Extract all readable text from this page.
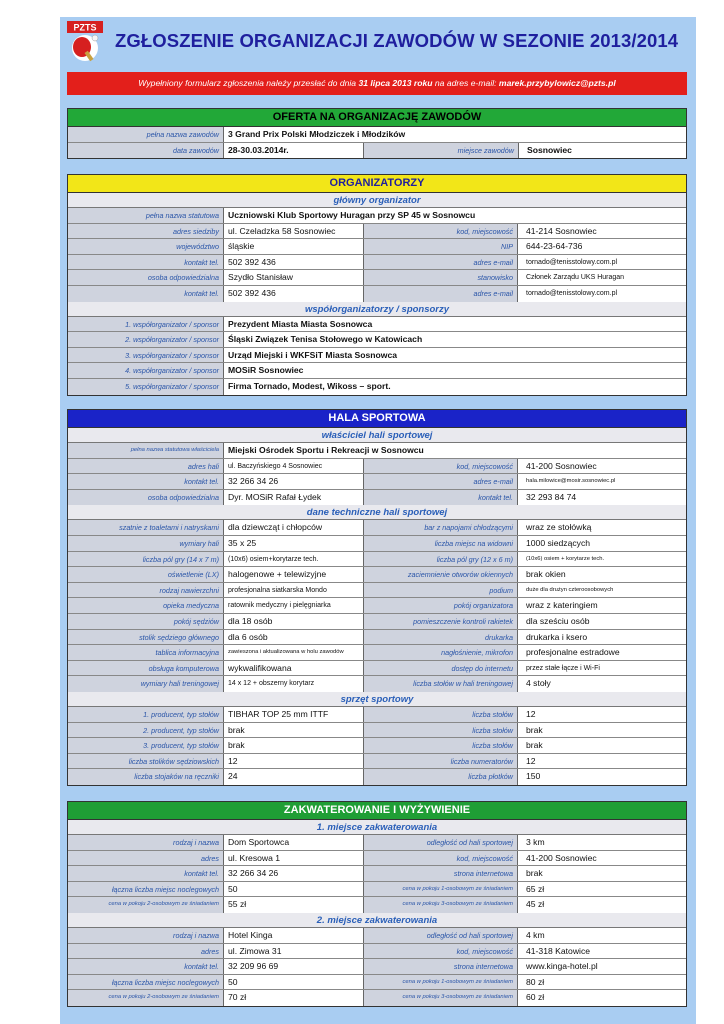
PZTS
ZGŁOSZENIE ORGANIZACJI ZAWODÓW W SEZONIE 2013/2014
Wypełniony formularz zgłoszenia należy przesłać do dnia 31 lipca 2013 roku na adres e-mail: marek.przybylowicz@pzts.pl
OFERTA NA ORGANIZACJĘ ZAWODÓW
pełna nazwa zawodów	3 Grand Prix Polski Młodziczek i Młodzików
data zawodów	28-30.03.2014r.	miejsce zawodów	Sosnowiec
ORGANIZATORZY
główny organizator
pełna nazwa statutowa	Uczniowski Klub Sportowy Huragan przy SP 45 w Sosnowcu
adres siedziby	ul. Czeladzka 58 Sosnowiec	kod, miejscowość	41-214 Sosnowiec
województwo	śląskie	NIP	644-23-64-736
kontakt tel.	502 392 436	adres e-mail	tornado@tenisstolowy.com.pl
osoba odpowiedzialna	Szydło Stanisław	stanowisko	Członek Zarządu UKS Huragan
kontakt tel.	502 392 436	adres e-mail	tornado@tenisstolowy.com.pl
współorganizatorzy / sponsorzy
1. współorganizator / sponsor	Prezydent Miasta Miasta Sosnowca
2. współorganizator / sponsor	Śląski Związek Tenisa Stołowego w Katowicach
3. współorganizator / sponsor	Urząd Miejski i WKFSiT Miasta Sosnowca
4. współorganizator / sponsor	MOSiR Sosnowiec
5. współorganizator / sponsor	Firma Tornado, Modest, Wikoss – sport.
HALA SPORTOWA
właściciel hali sportowej
pełna nazwa statutowa właściciela	Miejski Ośrodek Sportu i Rekreacji w Sosnowcu
adres hali	ul. Baczyńskiego 4 Sosnowiec	kod, miejscowość	41-200 Sosnowiec
kontakt tel.	32 266 34 26	adres e-mail	hala.milowice@mosir.sosnowiec.pl
osoba odpowiedzialna	Dyr. MOSiR Rafał Łydek	kontakt tel.	32 293 84 74
dane techniczne hali sportowej
szatnie z toaletami i natryskami	dla dziewcząt i chłopców	bar z napojami chłodzącymi	wraz ze stołówką
wymiary hali	35 x 25	liczba miejsc na widowni	1000 siedzących
liczba pól gry (14 x 7 m)	(10x6) osiem+korytarze tech.	liczba pól gry (12 x 6 m)	(10x6) osiem + korytarze tech.
oświetlenie (LX)	halogenowe + telewizyjne	zaciemnienie otworów okiennych	brak okien
rodzaj nawierzchni	profesjonalna siatkarska Mondo	podium	duże dla drużyn czteroosobowych
opieka medyczna	ratownik medyczny i pielęgniarka	pokój organizatora	wraz z kateringiem
pokój sędziów	dla 18 osób	pomieszczenie kontroli rakietek	dla sześciu osób
stolik sędziego głównego	dla 6 osób	drukarka	drukarka i ksero
tablica informacyjna	zawieszona i aktualizowana w holu zawodów	nagłośnienie, mikrofon	profesjonalne estradowe
obsługa komputerowa	wykwalifikowana	dostęp do internetu	przez stałe łącze i Wi-Fi
wymiary hali treningowej	14 x 12 + obszerny korytarz	liczba stołów w hali treningowej	4 stoły
sprzęt sportowy
1. producent, typ stołów	TIBHAR TOP 25 mm ITTF	liczba stołów	12
2. producent, typ stołów	brak	liczba stołów	brak
3. producent, typ stołów	brak	liczba stołów	brak
liczba stolików sędziowskich	12	liczba numeratorów	12
liczba stojaków na ręczniki	24	liczba płotków	150
ZAKWATEROWANIE I WYŻYWIENIE
1. miejsce zakwaterowania
rodzaj i nazwa	Dom Sportowca	odległość od hali sportowej	3 km
adres	ul. Kresowa 1	kod, miejscowość	41-200 Sosnowiec
kontakt tel.	32 266 34 26	strona internetowa	brak
łączna liczba miejsc noclegowych	50	cena w pokoju 1-osobowym ze śniadaniem	65 zł
cena w pokoju 2-osobowym ze śniadaniem	55 zł	cena w pokoju 3-osobowym ze śniadaniem	45 zł
2. miejsce zakwaterowania
rodzaj i nazwa	Hotel Kinga	odległość od hali sportowej	4 km
adres	ul. Zimowa 31	kod, miejscowość	41-318 Katowice
kontakt tel.	32 209 96 69	strona internetowa	www.kinga-hotel.pl
łączna liczba miejsc noclegowych	50	cena w pokoju 1-osobowym ze śniadaniem	80 zł
cena w pokoju 2-osobowym ze śniadaniem	70 zł	cena w pokoju 3-osobowym ze śniadaniem	60 zł
